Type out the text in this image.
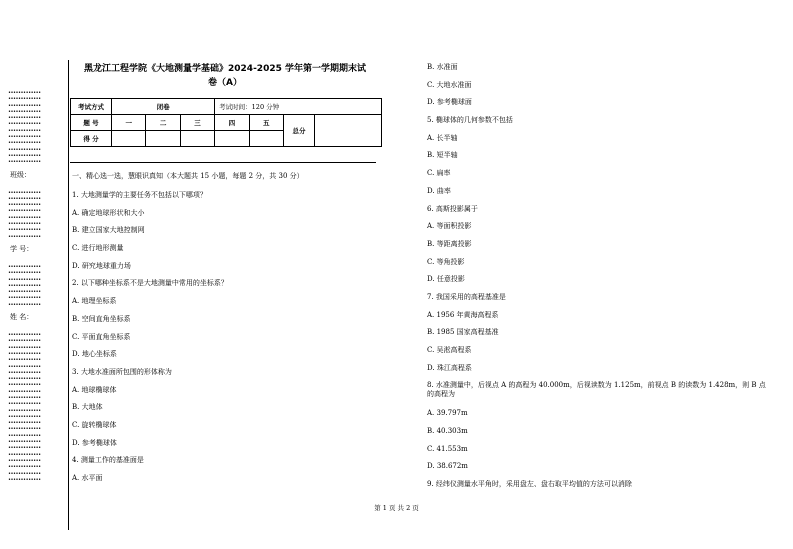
•••••••••••••
•••••••••••••
•••••••••••••
•••••••••••••
•••••••••••••
•••••••••••••
•••••••••••••
•••••••••••••
•••••••••••••
•••••••••••••
•••••••••••••
•••••••••••••
班级：
•••••••••••••
•••••••••••••
•••••••••••••
•••••••••••••
•••••••••••••
•••••••••••••
•••••••••••••
•••••••••••••
学 号：
•••••••••••••
•••••••••••••
•••••••••••••
•••••••••••••
•••••••••••••
•••••••••••••
•••••••••••••
姓 名：
•••••••••••••
•••••••••••••
•••••••••••••
•••••••••••••
•••••••••••••
•••••••••••••
•••••••••••••
•••••••••••••
•••••••••••••
•••••••••••••
•••••••••••••
•••••••••••••
•••••••••••••
•••••••••••••
•••••••••••••
•••••••••••••
•••••••••••••
•••••••••••••
•••••••••••••
•••••••••••••
•••••••••••••
•••••••••••••
•••••••••••••
•••••••••••••
黑龙江工程学院《大地测量学基础》2024-2025 学年第一学期期末试
卷（A）
考试方式	闭卷			考试时间：120 分钟			
题 号	一	二	三	四	五	总分	
得 分							
一、精心选一选，慧眼识真知（本大题共 15 小题，每题 2 分，共 30 分）
1. 大地测量学的主要任务不包括以下哪项？
A. 确定地球形状和大小
B. 建立国家大地控制网
C. 进行地形测量
D. 研究地球重力场
2. 以下哪种坐标系不是大地测量中常用的坐标系？
A. 地理坐标系
B. 空间直角坐标系
C. 平面直角坐标系
D. 地心坐标系
3. 大地水准面所包围的形体称为
A. 地球椭球体
B. 大地体
C. 旋转椭球体
D. 参考椭球体
4. 测量工作的基准面是
A. 水平面
B. 水准面
C. 大地水准面
D. 参考椭球面
5. 椭球体的几何参数不包括
A. 长半轴
B. 短半轴
C. 扁率
D. 曲率
6. 高斯投影属于
A. 等面积投影
B. 等距离投影
C. 等角投影
D. 任意投影
7. 我国采用的高程基准是
A. 1956 年黄海高程系
B. 1985 国家高程基准
C. 吴淞高程系
D. 珠江高程系
8. 水准测量中，后视点 A 的高程为 40.000m，后视读数为 1.125m，前视点 B 的读数为 1.428m，则 B 点的高程为
A. 39.797m
B. 40.303m
C. 41.553m
D. 38.672m
9. 经纬仪测量水平角时，采用盘左、盘右取平均值的方法可以消除
第 1 页 共 2 页
